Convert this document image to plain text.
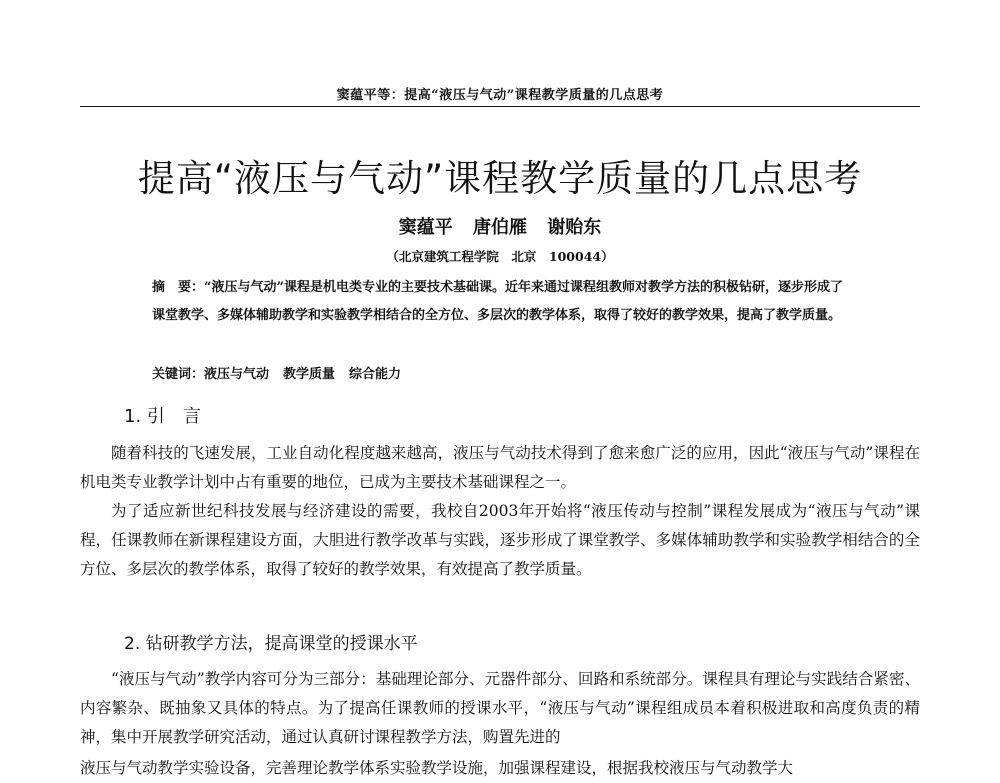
窦蕴平等：提高“液压与气动”课程教学质量的几点思考
提高“液压与气动”课程教学质量的几点思考
窦蕴平 唐伯雁 谢贻东
（北京建筑工程学院　北京　100044）
摘　要：“液压与气动”课程是机电类专业的主要技术基础课。近年来通过课程组教师对教学方法的积极钻研，逐步形成了课堂教学、多媒体辅助教学和实验教学相结合的全方位、多层次的教学体系，取得了较好的教学效果，提高了教学质量。
关键词：液压与气动 教学质量 综合能力
1. 引　言
随着科技的飞速发展，工业自动化程度越来越高，液压与气动技术得到了愈来愈广泛的应用，因此“液压与气动”课程在机电类专业教学计划中占有重要的地位，已成为主要技术基础课程之一。
为了适应新世纪科技发展与经济建设的需要，我校自2003年开始将“液压传动与控制”课程发展成为“液压与气动”课程，任课教师在新课程建设方面，大胆进行教学改革与实践，逐步形成了课堂教学、多媒体辅助教学和实验教学相结合的全方位、多层次的教学体系，取得了较好的教学效果，有效提高了教学质量。
2. 钻研教学方法，提高课堂的授课水平
“液压与气动”教学内容可分为三部分：基础理论部分、元器件部分、回路和系统部分。课程具有理论与实践结合紧密、内容繁杂、既抽象又具体的特点。为了提高任课教师的授课水平，“液压与气动”课程组成员本着积极进取和高度负责的精神，集中开展教学研究活动，通过认真研讨课程教学方法，购置先进的
液压与气动教学实验设备，完善理论教学体系实验教学设施，加强课程建设，根据我校液压与气动教学大
